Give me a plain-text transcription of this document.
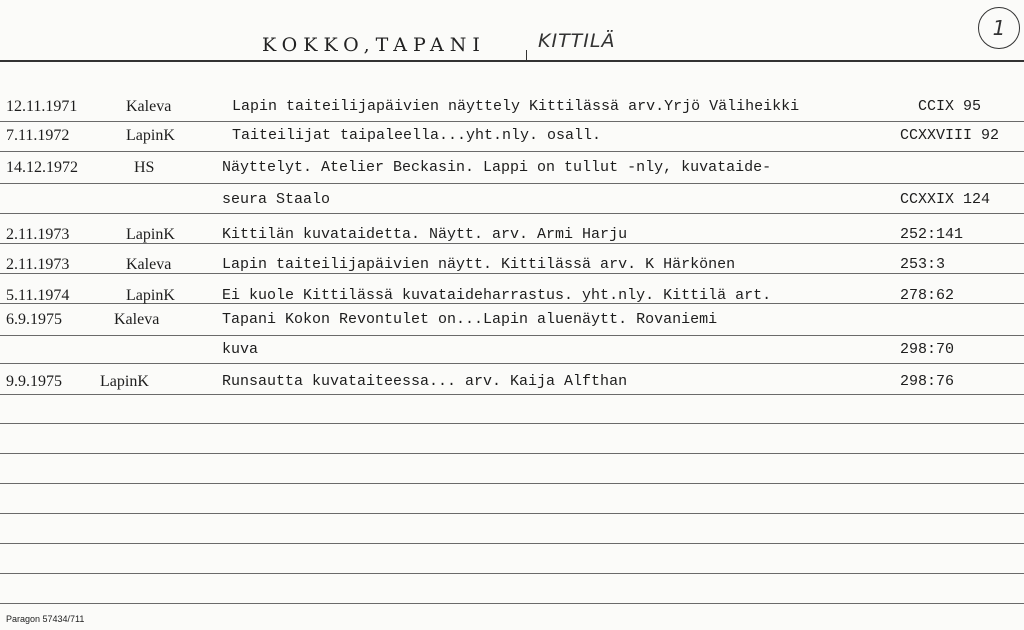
KOKKO,TAPANI	KITTILÄ
1
12.11.1971	Kaleva	Lapin taiteilijapäivien näyttely Kittilässä arv.Yrjö Väliheikki	CCIX 95
7.11.1972	LapinK	Taiteilijat taipaleella...yht.nly. osall.	CCXXVIII 92
14.12.1972	HS	Näyttelyt. Atelier Beckasin. Lappi on tullut -nly, kuvataide-
seura Staalo	CCXXIX 124
2.11.1973	LapinK	Kittilän kuvataidetta. Näytt. arv. Armi Harju	252:141
2.11.1973	Kaleva	Lapin taiteilijapäivien näytt. Kittilässä arv. K Härkönen	253:3
5.11.1974	LapinK	Ei kuole Kittilässä kuvataideharrastus. yht.nly. Kittilä art.	278:62
6.9.1975	Kaleva	Tapani Kokon Revontulet on...Lapin aluenäytt. Rovaniemi
kuva	298:70
9.9.1975 LapinK	Runsautta kuvataiteessa... arv. Kaija Alfthan	298:76
Paragon 57434/711
